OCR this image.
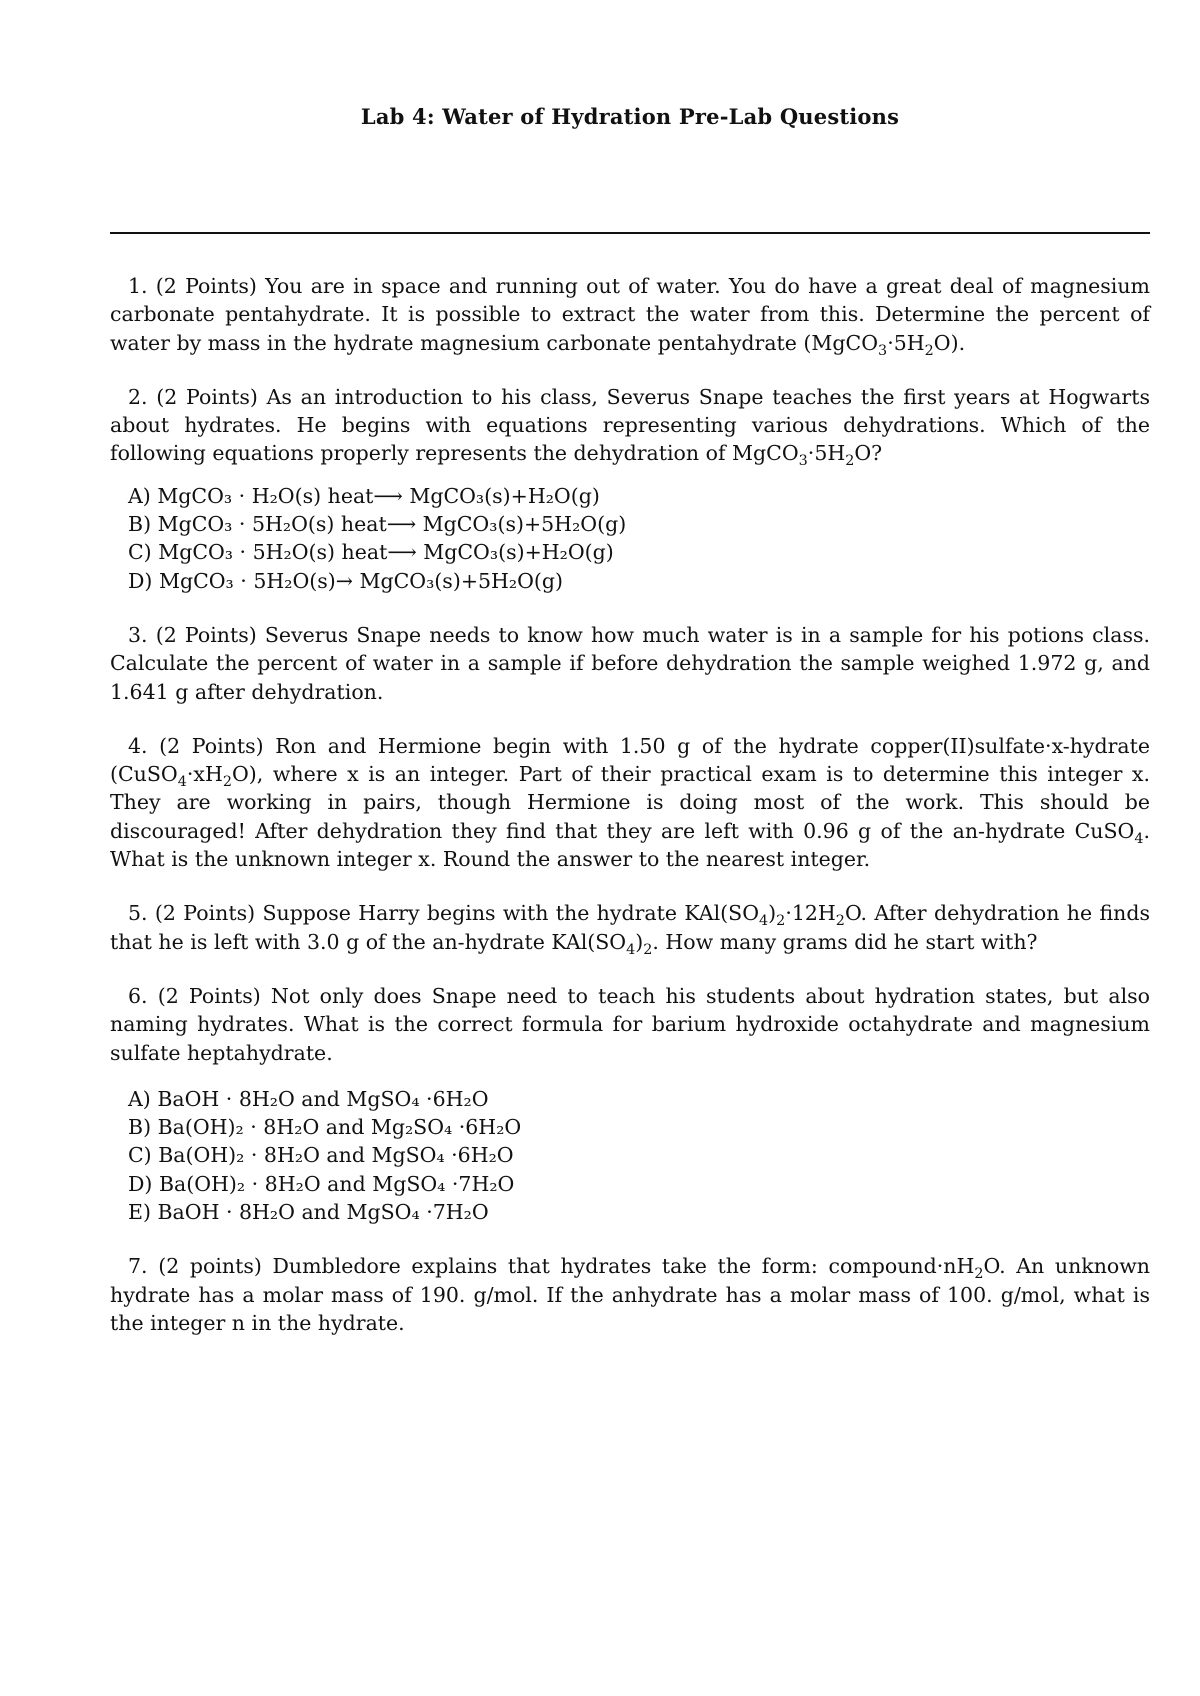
Lab 4: Water of Hydration Pre-Lab Questions
1. (2 Points) You are in space and running out of water. You do have a great deal of magnesium carbonate pentahydrate. It is possible to extract the water from this. Determine the percent of water by mass in the hydrate magnesium carbonate pentahydrate $(MgCO_3\cdot 5H_2O)$.
2. (2 Points) As an introduction to his class, Severus Snape teaches the first years at Hogwarts about hydrates. He begins with equations representing various dehydrations. Which of the following equations properly represents the dehydration of $MgCO_3\cdot 5H_2O$?
A) MgCO₃ · H₂O(s) heat⟶ MgCO₃(s)+H₂O(g)
B) MgCO₃ · 5H₂O(s) heat⟶ MgCO₃(s)+5H₂O(g)
C) MgCO₃ · 5H₂O(s) heat⟶ MgCO₃(s)+H₂O(g)
D) MgCO₃ · 5H₂O(s)→ MgCO₃(s)+5H₂O(g)
3. (2 Points) Severus Snape needs to know how much water is in a sample for his potions class. Calculate the percent of water in a sample if before dehydration the sample weighed 1.972 g, and 1.641 g after dehydration.
4. (2 Points) Ron and Hermione begin with 1.50 g of the hydrate copper(II)sulfate·x-hydrate $(CuSO_4\cdot xH_2O)$, where x is an integer. Part of their practical exam is to determine this integer x. They are working in pairs, though Hermione is doing most of the work. This should be discouraged! After dehydration they find that they are left with 0.96 g of the an-hydrate CuSO$_4$. What is the unknown integer x. Round the answer to the nearest integer.
5. (2 Points) Suppose Harry begins with the hydrate $KAl(SO_4)_2\cdot 12H_2O$. After dehydration he finds that he is left with 3.0 g of the an-hydrate $KAl(SO_4)_2$. How many grams did he start with?
6. (2 Points) Not only does Snape need to teach his students about hydration states, but also naming hydrates. What is the correct formula for barium hydroxide octahydrate and magnesium sulfate heptahydrate.
A) BaOH · 8H₂O and MgSO₄ ·6H₂O
B) Ba(OH)₂ · 8H₂O and Mg₂SO₄ ·6H₂O
C) Ba(OH)₂ · 8H₂O and MgSO₄ ·6H₂O
D) Ba(OH)₂ · 8H₂O and MgSO₄ ·7H₂O
E) BaOH · 8H₂O and MgSO₄ ·7H₂O
7. (2 points) Dumbledore explains that hydrates take the form: $compound\cdot nH_2O$. An unknown hydrate has a molar mass of 190. g/mol. If the anhydrate has a molar mass of 100. g/mol, what is the integer n in the hydrate.
